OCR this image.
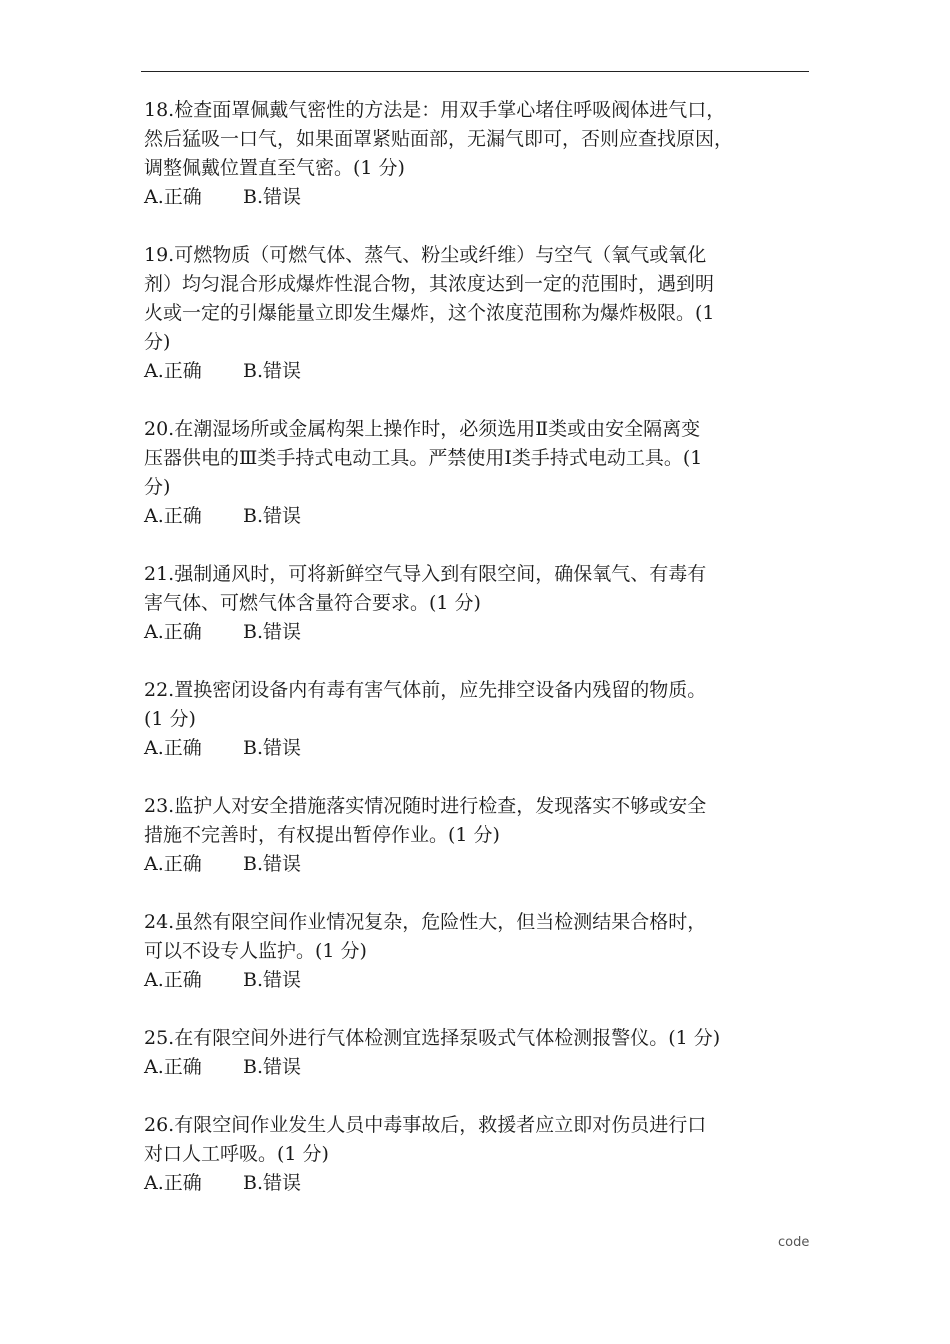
18.检查面罩佩戴气密性的方法是：用双手掌心堵住呼吸阀体进气口，
然后猛吸一口气，如果面罩紧贴面部，无漏气即可，否则应查找原因，
调整佩戴位置直至气密。(1 分)
A.正确 B.错误
19.可燃物质（可燃气体、蒸气、粉尘或纤维）与空气（氧气或氧化
剂）均匀混合形成爆炸性混合物，其浓度达到一定的范围时，遇到明
火或一定的引爆能量立即发生爆炸，这个浓度范围称为爆炸极限。(1
分)
A.正确 B.错误
20.在潮湿场所或金属构架上操作时，必须选用Ⅱ类或由安全隔离变
压器供电的Ⅲ类手持式电动工具。严禁使用Ⅰ类手持式电动工具。(1
分)
A.正确 B.错误
21.强制通风时，可将新鲜空气导入到有限空间，确保氧气、有毒有
害气体、可燃气体含量符合要求。(1 分)
A.正确 B.错误
22.置换密闭设备内有毒有害气体前，应先排空设备内残留的物质。
(1 分)
A.正确 B.错误
23.监护人对安全措施落实情况随时进行检查，发现落实不够或安全
措施不完善时，有权提出暂停作业。(1 分)
A.正确 B.错误
24.虽然有限空间作业情况复杂，危险性大，但当检测结果合格时，
可以不设专人监护。(1 分)
A.正确 B.错误
25.在有限空间外进行气体检测宜选择泵吸式气体检测报警仪。(1 分)
A.正确 B.错误
26.有限空间作业发生人员中毒事故后，救援者应立即对伤员进行口
对口人工呼吸。(1 分)
A.正确 B.错误
code
